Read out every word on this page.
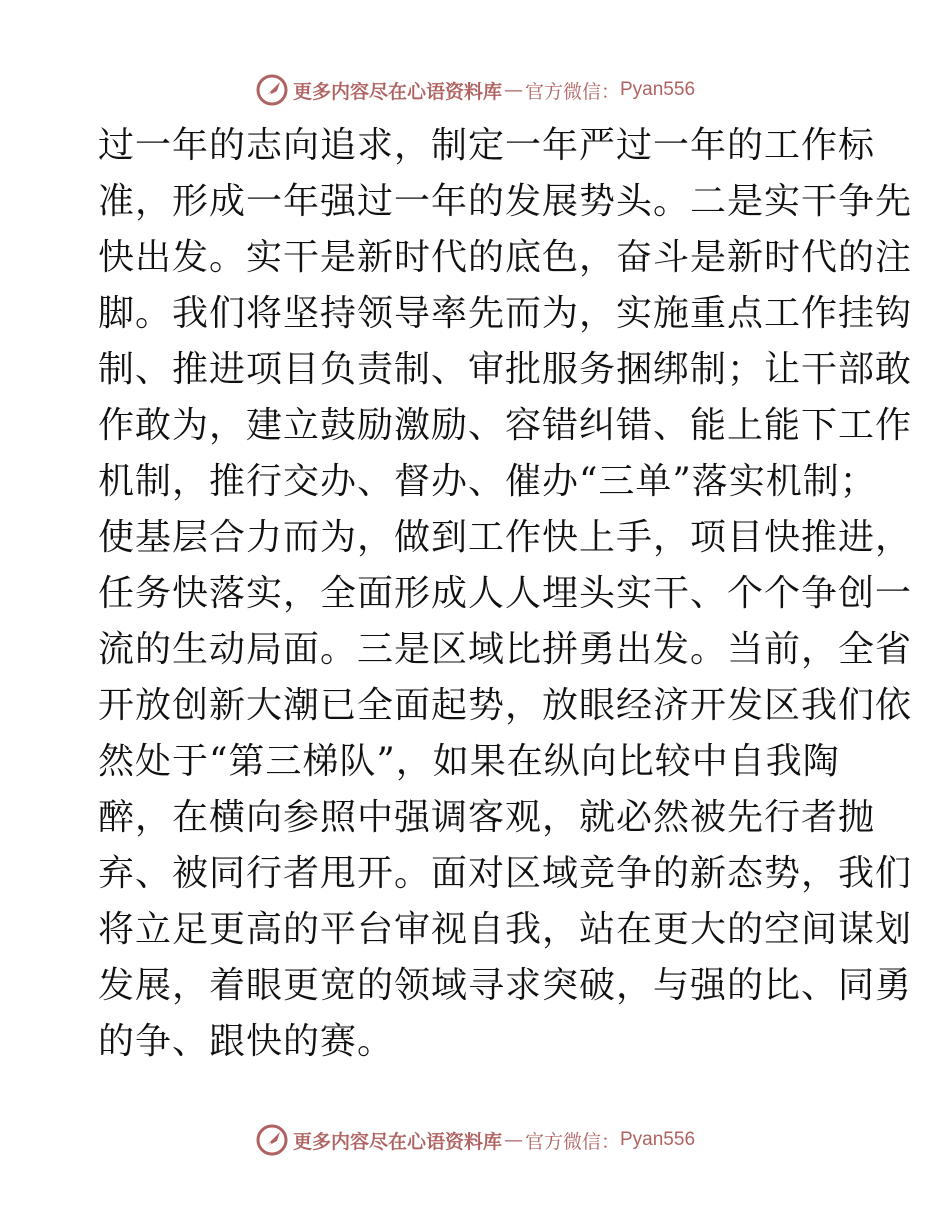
更多内容尽在心语资料库 — 官方微信： Pyan556
过一年的志向追求，制定一年严过一年的工作标
准，形成一年强过一年的发展势头。二是实干争先
快出发。实干是新时代的底色，奋斗是新时代的注
脚。我们将坚持领导率先而为，实施重点工作挂钩
制、推进项目负责制、审批服务捆绑制；让干部敢
作敢为，建立鼓励激励、容错纠错、能上能下工作
机制，推行交办、督办、催办“三单”落实机制；
使基层合力而为，做到工作快上手，项目快推进，
任务快落实，全面形成人人埋头实干、个个争创一
流的生动局面。三是区域比拼勇出发。当前，全省
开放创新大潮已全面起势，放眼经济开发区我们依
然处于“第三梯队”，如果在纵向比较中自我陶
醉，在横向参照中强调客观，就必然被先行者抛
弃、被同行者甩开。面对区域竞争的新态势，我们
将立足更高的平台审视自我，站在更大的空间谋划
发展，着眼更宽的领域寻求突破，与强的比、同勇
的争、跟快的赛。
更多内容尽在心语资料库 — 官方微信： Pyan556
